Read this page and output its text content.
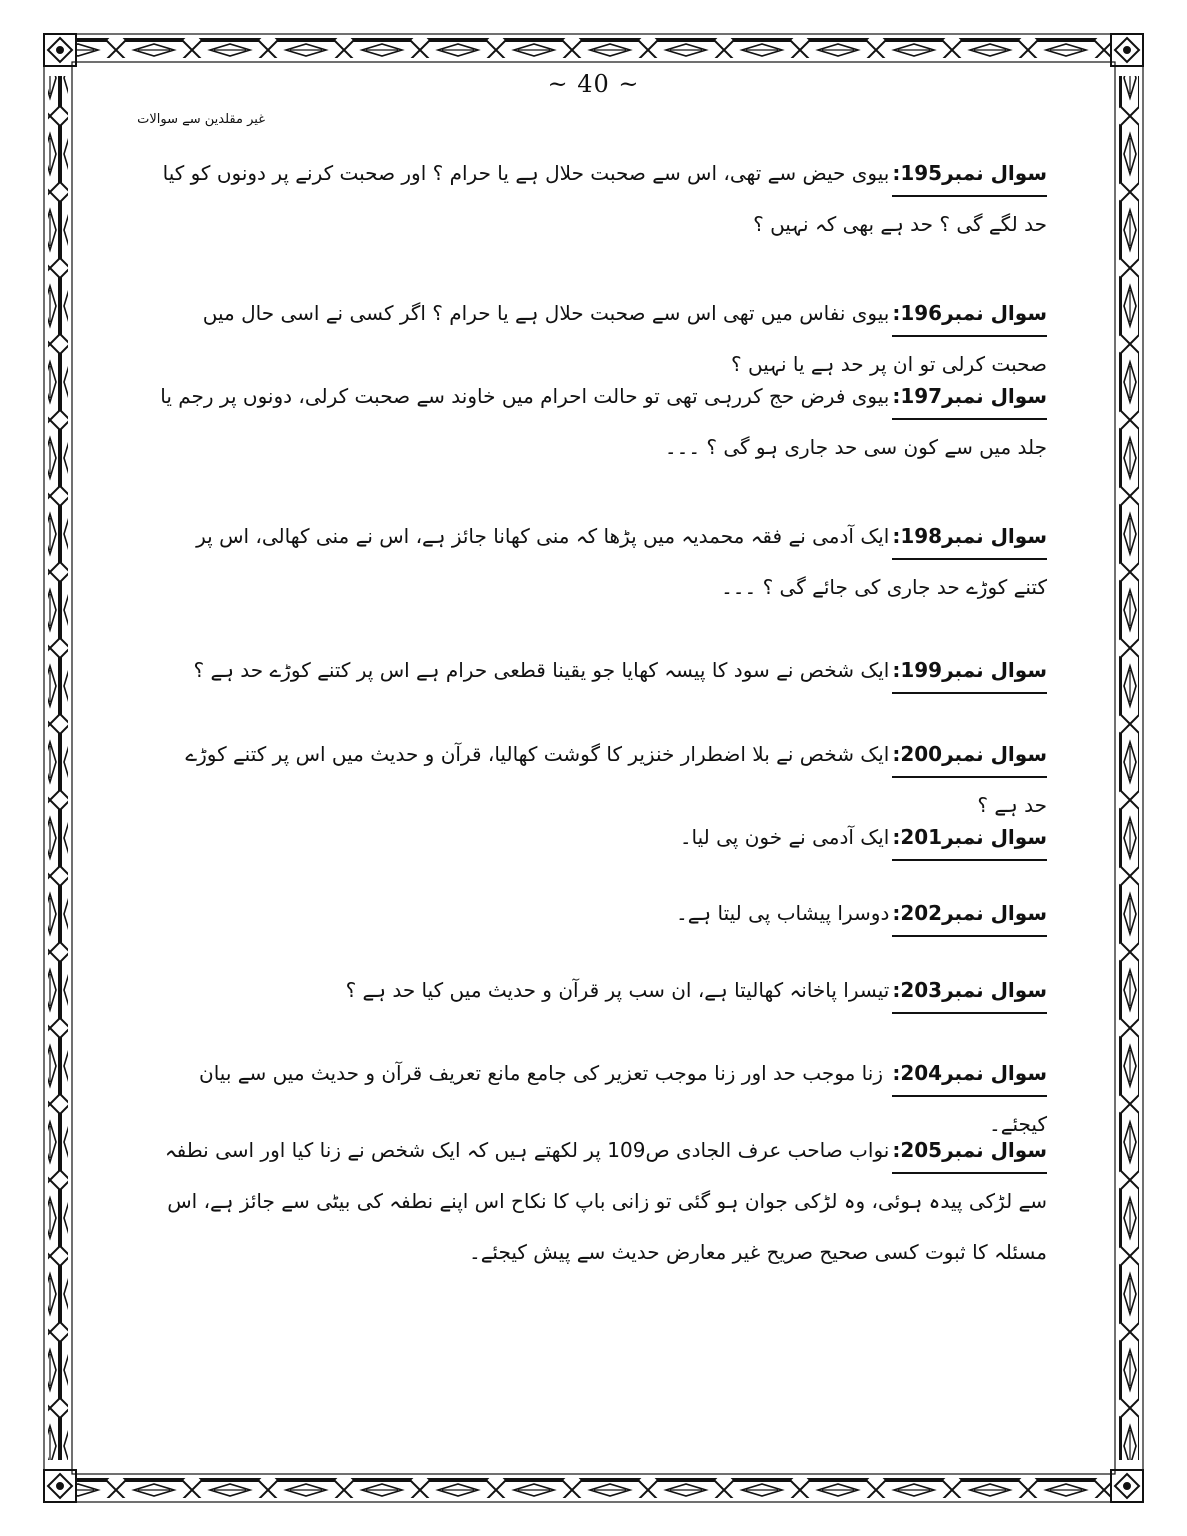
~ 40 ~
غیر مقلدین سے سوالات
سوال نمبر195:بیوی حیض سے تھی، اس سے صحبت حلال ہے یا حرام ؟ اور صحبت کرنے پر دونوں کو کیا حد لگے گی ؟ حد ہے بھی کہ نہیں ؟
سوال نمبر196:بیوی نفاس میں تھی اس سے صحبت حلال ہے یا حرام ؟ اگر کسی نے اسی حال میں صحبت کرلی تو ان پر حد ہے یا نہیں ؟
سوال نمبر197:بیوی فرض حج کررہی تھی تو حالت احرام میں خاوند سے صحبت کرلی، دونوں پر رجم یا جلد میں سے کون سی حد جاری ہو گی ؟ ۔۔۔
سوال نمبر198:ایک آدمی نے فقہ محمدیہ میں پڑھا کہ منی کھانا جائز ہے، اس نے منی کھالی، اس پر کتنے کوڑے حد جاری کی جائے گی ؟ ۔۔۔
سوال نمبر199:ایک شخص نے سود کا پیسہ کھایا جو یقینا قطعی حرام ہے اس پر کتنے کوڑے حد ہے ؟
سوال نمبر200:ایک شخص نے بلا اضطرار خنزیر کا گوشت کھالیا، قرآن و حدیث میں اس پر کتنے کوڑے حد ہے ؟
سوال نمبر201:ایک آدمی نے خون پی لیا۔
سوال نمبر202:دوسرا پیشاب پی لیتا ہے۔
سوال نمبر203:تیسرا پاخانہ کھالیتا ہے، ان سب پر قرآن و حدیث میں کیا حد ہے ؟
سوال نمبر204: زنا موجب حد اور زنا موجب تعزیر کی جامع مانع تعریف قرآن و حدیث میں سے بیان کیجئے۔
سوال نمبر205:نواب صاحب عرف الجادی ص109 پر لکھتے ہیں کہ ایک شخص نے زنا کیا اور اسی نطفہ سے لڑکی پیدہ ہوئی، وہ لڑکی جوان ہو گئی تو زانی باپ کا نکاح اس اپنے نطفہ کی بیٹی سے جائز ہے، اس مسئلہ کا ثبوت کسی صحیح صریح غیر معارض حدیث سے پیش کیجئے۔
